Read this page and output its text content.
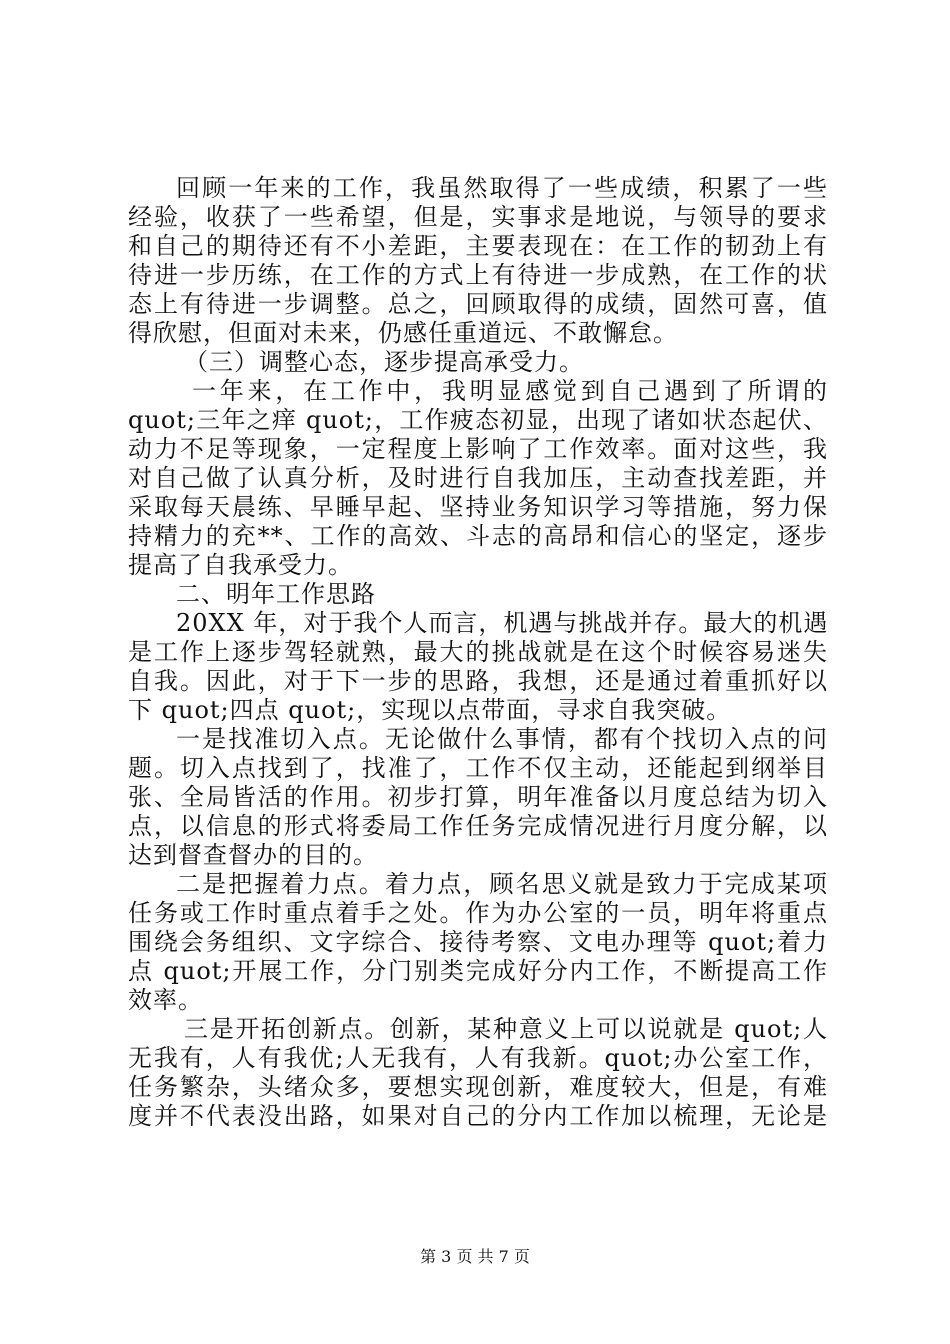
回顾一年来的工作，我虽然取得了一些成绩，积累了一些
经验，收获了一些希望，但是，实事求是地说，与领导的要求
和自己的期待还有不小差距，主要表现在：在工作的韧劲上有
待进一步历练，在工作的方式上有待进一步成熟，在工作的状
态上有待进一步调整。总之，回顾取得的成绩，固然可喜，值
得欣慰，但面对未来，仍感任重道远、不敢懈怠。
（三）调整心态，逐步提高承受力。
一年来，在工作中，我明显感觉到自己遇到了所谓的
quot;三年之痒 quot;，工作疲态初显，出现了诸如状态起伏、
动力不足等现象，一定程度上影响了工作效率。面对这些，我
对自己做了认真分析，及时进行自我加压，主动查找差距，并
采取每天晨练、早睡早起、坚持业务知识学习等措施，努力保
持精力的充**、工作的高效、斗志的高昂和信心的坚定，逐步
提高了自我承受力。
二、明年工作思路
20XX 年，对于我个人而言，机遇与挑战并存。最大的机遇
是工作上逐步驾轻就熟，最大的挑战就是在这个时候容易迷失
自我。因此，对于下一步的思路，我想，还是通过着重抓好以
下 quot;四点 quot;，实现以点带面，寻求自我突破。
一是找准切入点。无论做什么事情，都有个找切入点的问
题。切入点找到了，找准了，工作不仅主动，还能起到纲举目
张、全局皆活的作用。初步打算，明年准备以月度总结为切入
点，以信息的形式将委局工作任务完成情况进行月度分解，以
达到督查督办的目的。
二是把握着力点。着力点，顾名思义就是致力于完成某项
任务或工作时重点着手之处。作为办公室的一员，明年将重点
围绕会务组织、文字综合、接待考察、文电办理等 quot;着力
点 quot;开展工作，分门别类完成好分内工作，不断提高工作
效率。
三是开拓创新点。创新，某种意义上可以说就是 quot;人
无我有，人有我优;人无我有，人有我新。quot;办公室工作，
任务繁杂，头绪众多，要想实现创新，难度较大，但是，有难
度并不代表没出路，如果对自己的分内工作加以梳理，无论是
第 3 页 共 7 页
